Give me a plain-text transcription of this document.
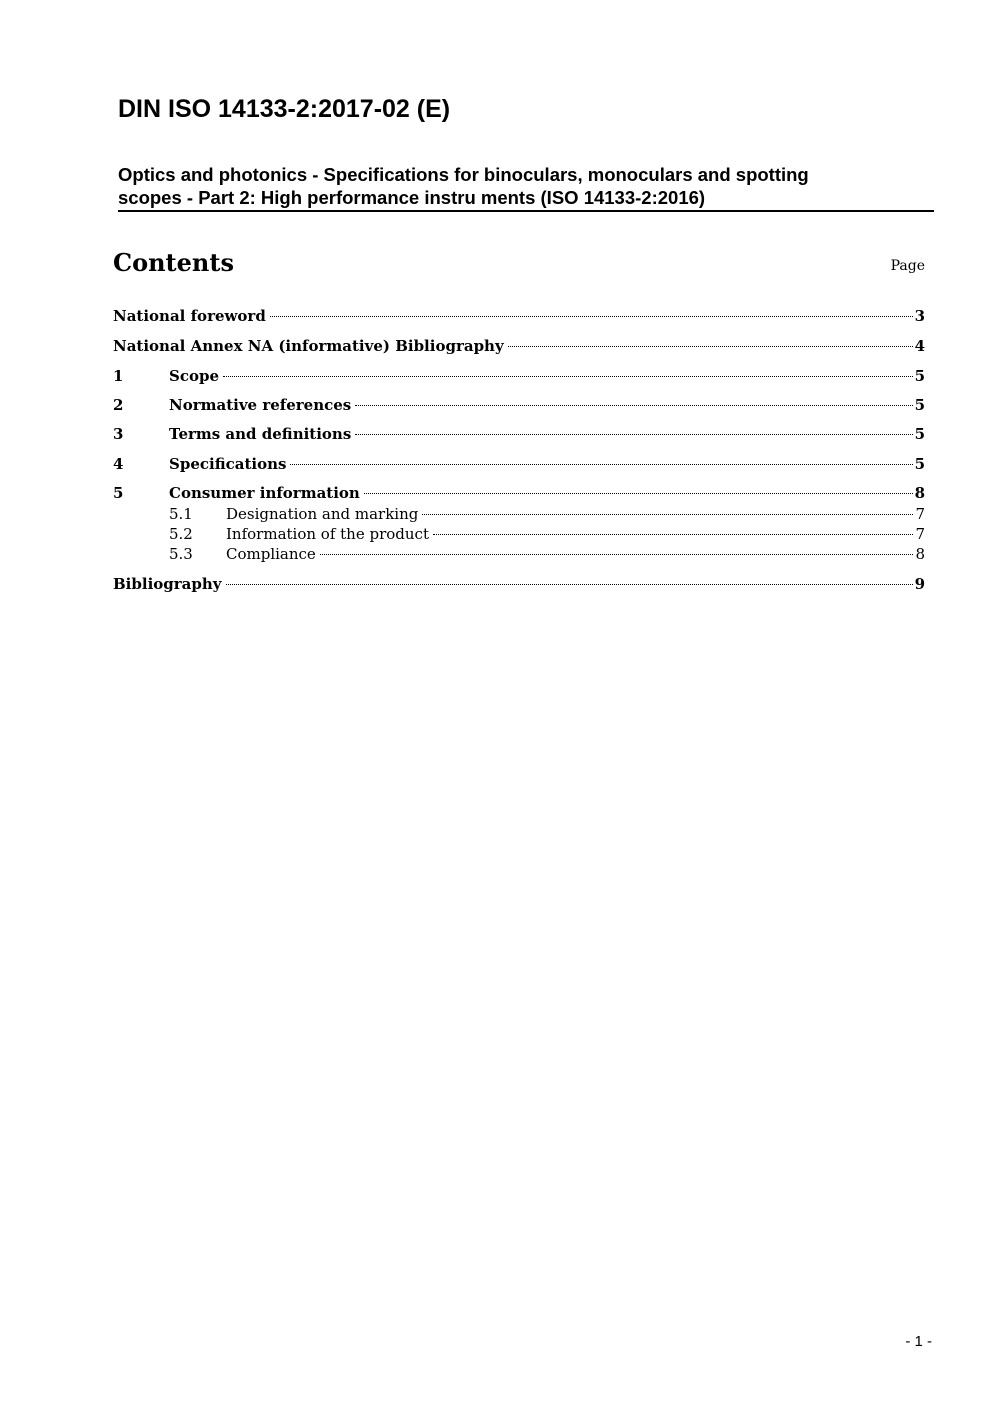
DIN ISO 14133-2:2017-02 (E)
Optics and photonics - Specifications for binoculars, monoculars and spotting
scopes - Part 2: High performance instru ments (ISO 14133-2:2016)
Contents	Page
National foreword	3
National Annex NA (informative) Bibliography	4
1	Scope	5
2	Normative references	5
3	Terms and definitions	5
4	Specifications	5
5	Consumer information	8
5.1	Designation and marking	7
5.2	Information of the product	7
5.3	Compliance	8
Bibliography	9
- 1 -
